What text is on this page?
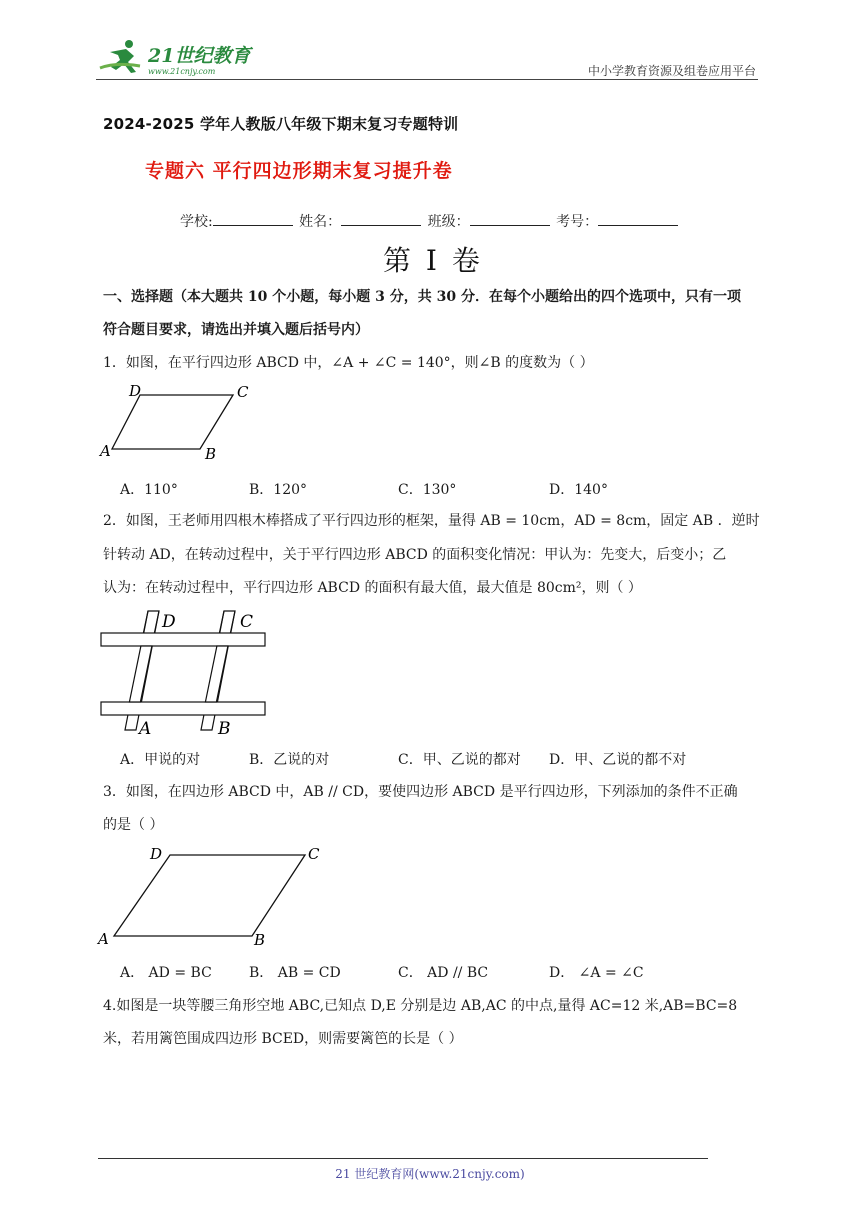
21世纪教育
www.21cnjy.com	中小学教育资源及组卷应用平台
2024-2025 学年人教版八年级下期末复习专题特训
专题六 平行四边形期末复习提升卷
学校:	姓名：	班级：	考号：
第 I 卷
一、选择题（本大题共 10 个小题，每小题 3 分，共 30 分．在每个小题给出的四个选项中，只有一项
符合题目要求，请选出并填入题后括号内）
1．如图，在平行四边形 ABCD 中，∠A + ∠C = 140°，则∠B 的度数为（ ）
D	C
A	B
A．110°	B．120°	C．130°	D．140°
2．如图，王老师用四根木棒搭成了平行四边形的框架，量得 AB = 10cm，AD = 8cm，固定 AB ．逆时
针转动 AD，在转动过程中，关于平行四边形 ABCD 的面积变化情况：甲认为：先变大，后变小；乙
认为：在转动过程中，平行四边形 ABCD 的面积有最大值，最大值是 80cm²，则（ ）
D	C
A	B
A．甲说的对	B．乙说的对	C．甲、乙说的都对 D．甲、乙说的都不对
3．如图，在四边形 ABCD 中，AB // CD，要使四边形 ABCD 是平行四边形，下列添加的条件不正确
的是（ ）
D	C
A	B
A． AD = BC	B． AB = CD	C． AD // BC	D． ∠A = ∠C
4.如图是一块等腰三角形空地 ABC,已知点 D,E 分别是边 AB,AC 的中点,量得 AC=12 米,AB=BC=8
米，若用篱笆围成四边形 BCED，则需要篱笆的长是（ ）
21 世纪教育网(www.21cnjy.com)
